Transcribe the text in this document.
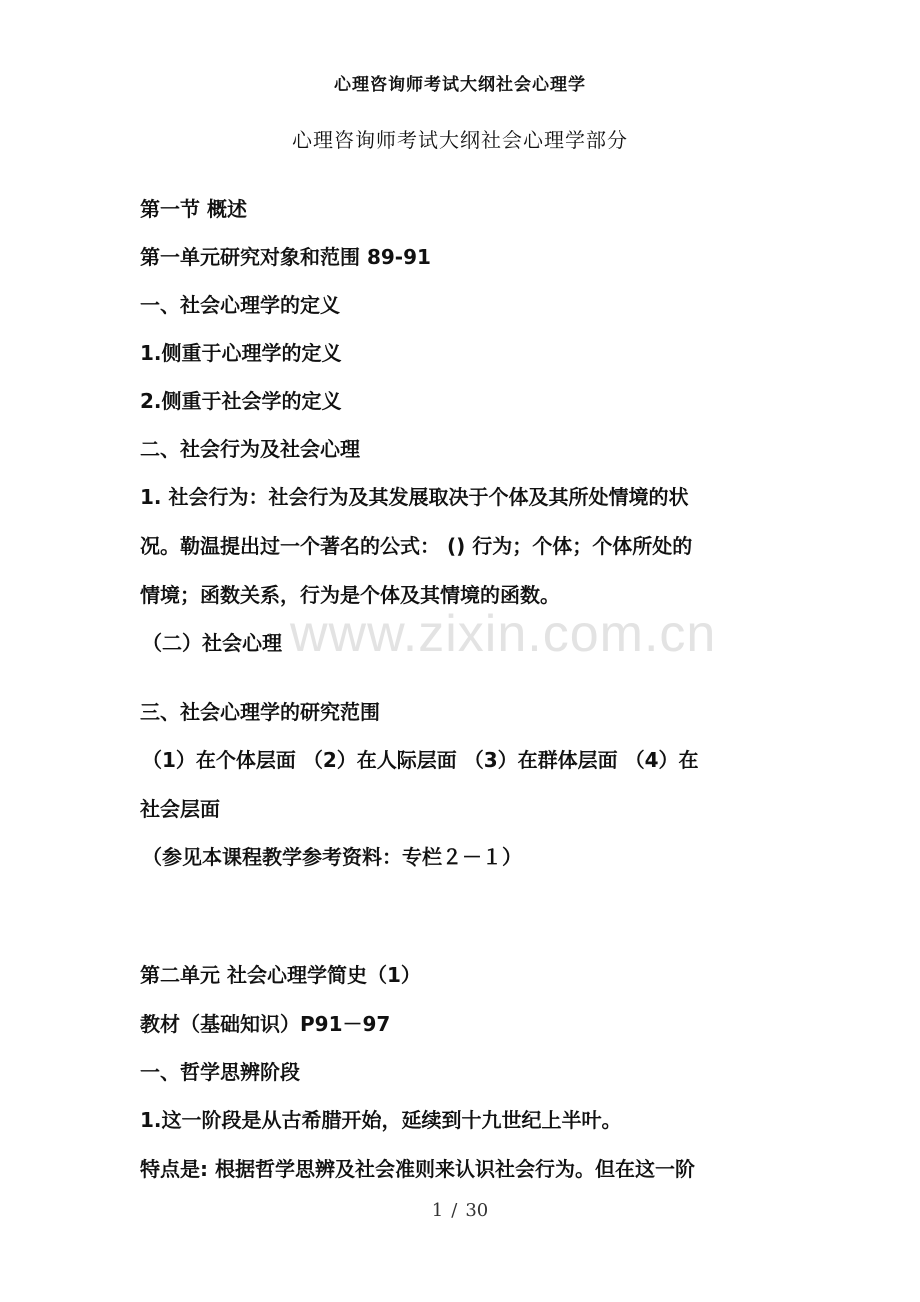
心理咨询师考试大纲社会心理学
心理咨询师考试大纲社会心理学部分
www.zixin.com.cn
第一节 概述
第一单元研究对象和范围 89-91
一、社会心理学的定义
1.侧重于心理学的定义
2.侧重于社会学的定义
二、社会行为及社会心理
1. 社会行为：社会行为及其发展取决于个体及其所处情境的状
况。勒温提出过一个著名的公式： () 行为；个体；个体所处的
情境；函数关系，行为是个体及其情境的函数。
（二）社会心理
三、社会心理学的研究范围
（1）在个体层面 （2）在人际层面 （3）在群体层面 （4）在
社会层面
（参见本课程教学参考资料：专栏２－１）
第二单元 社会心理学简史（1）
教材（基础知识）P91－97
一、哲学思辨阶段
1.这一阶段是从古希腊开始，延续到十九世纪上半叶。
特点是: 根据哲学思辨及社会准则来认识社会行为。但在这一阶
1 / 30
